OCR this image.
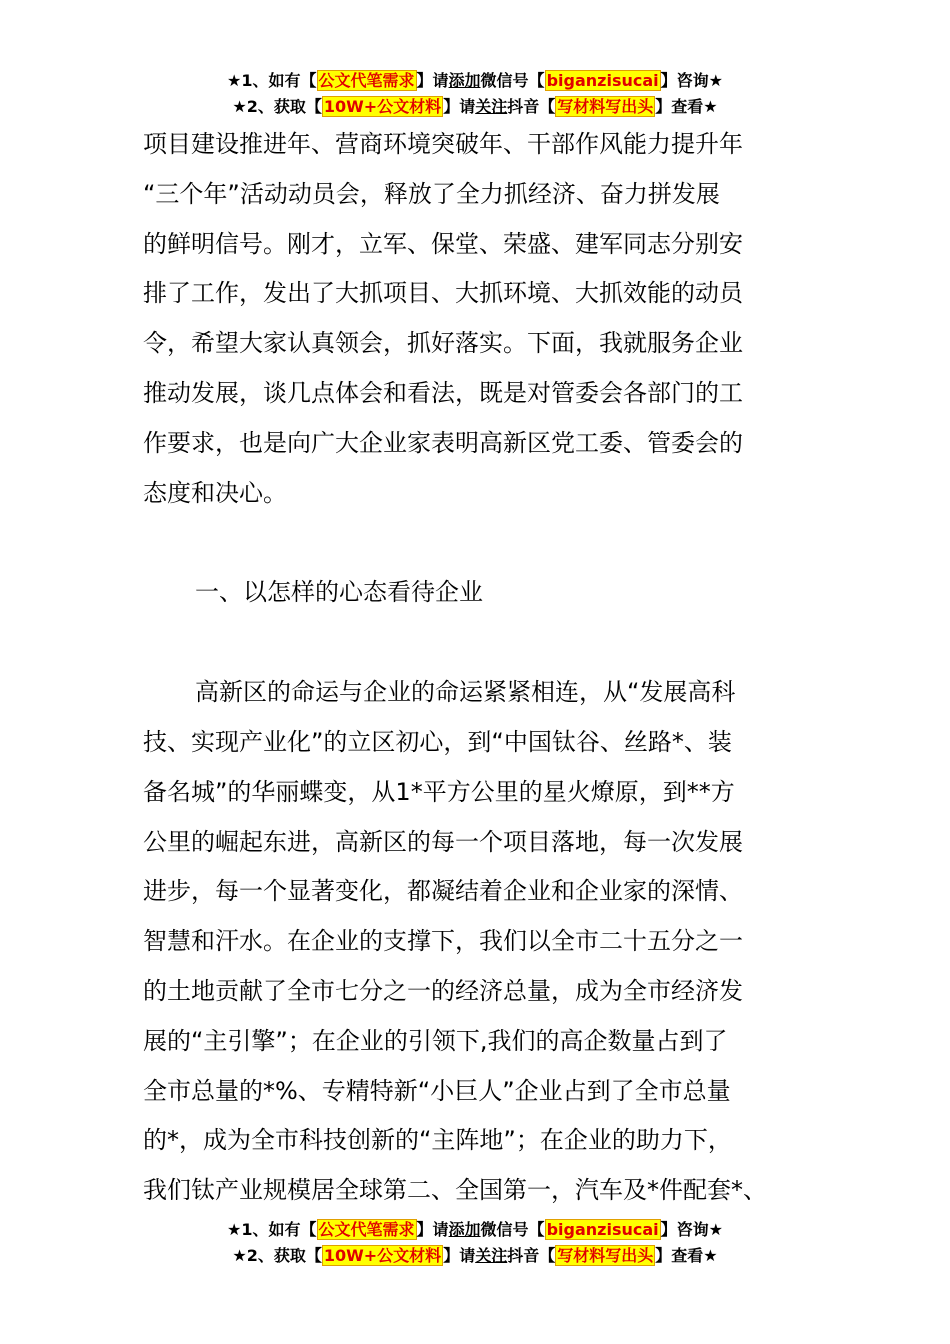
★1、如有【 公文代笔需求 】请添加微信号【 biganzisucai 】咨询★
★2、获取【 10W+公文材料 】请关注抖音【 写材料写出头 】查看★

项目建设推进年、营商环境突破年、干部作风能力提升年

“三个年”活动动员会，释放了全力抓经济、奋力拼发展

的鲜明信号。刚才，立军、保堂、荣盛、建军同志分别安

排了工作，发出了大抓项目、大抓环境、大抓效能的动员

令，希望大家认真领会，抓好落实。下面，我就服务企业

推动发展，谈几点体会和看法，既是对管委会各部门的工

作要求，也是向广大企业家表明高新区党工委、管委会的

态度和决心。

一、以怎样的心态看待企业

高新区的命运与企业的命运紧紧相连，从“发展高科

技、实现产业化”的立区初心，到“中国钛谷、丝路*、装

备名城”的华丽蝶变，从1*平方公里的星火燎原，到**方

公里的崛起东进，高新区的每一个项目落地，每一次发展

进步，每一个显著变化，都凝结着企业和企业家的深情、

智慧和汗水。在企业的支撑下，我们以全市二十五分之一

的土地贡献了全市七分之一的经济总量，成为全市经济发

展的“主引擎”；在企业的引领下,我们的高企数量占到了

全市总量的*%、专精特新“小巨人”企业占到了全市总量

的*，成为全市科技创新的“主阵地”；在企业的助力下，

我们钛产业规模居全球第二、全国第一，汽车及*件配套*、

★1、如有【 公文代笔需求 】请添加微信号【 biganzisucai 】咨询★
★2、获取【 10W+公文材料 】请关注抖音【 写材料写出头 】查看★
